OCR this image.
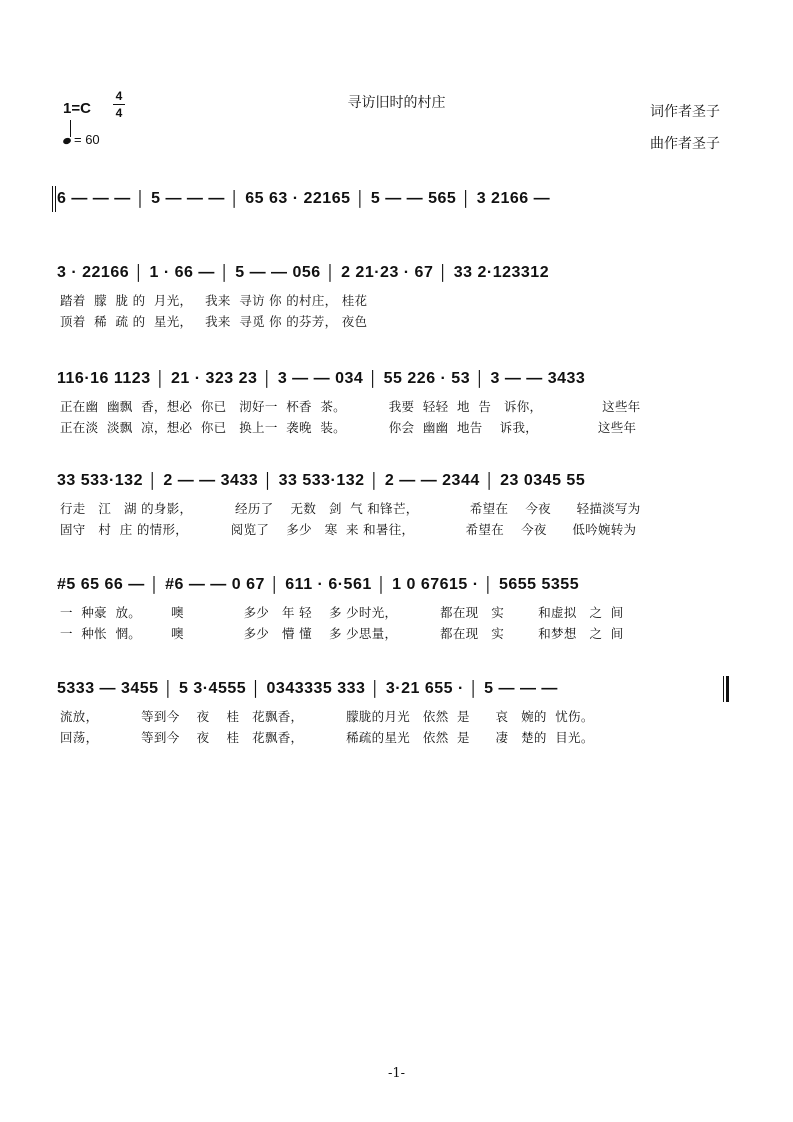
寻访旧时的村庄
1=C
4
4
= 60
词作者圣子
曲作者圣子
6 — — — │ 5 — — — │ 65 63 · 22165 │ 5 — — 565 │ 3 2166 —
3 · 22166 │ 1 · 66 — │ 5 — — 056 │ 2 21·23 · 67 │ 33 2·123312
踏着  朦  胧 的  月光，   我来  寻访 你 的村庄， 桂花
顶着  稀  疏 的  星光，   我来  寻觅 你 的芬芳， 夜色
116·16 1123 │ 21 · 323 23 │ 3 — — 034 │ 55 226 · 53 │ 3 — — 3433
正在幽  幽飘  香，想必  你已   沏好一  杯香  茶。          我要  轻轻  地  告   诉你，              这些年
正在淡  淡飘  凉，想必  你已   换上一  袭晚  装。          你会  幽幽  地告    诉我，              这些年
33 533·132 │ 2 — — 3433 │ 33 533·132 │ 2 — — 2344 │ 23 0345 55
行走   江   湖 的身影，          经历了    无数   剑  气 和锋芒，            希望在    今夜      轻描淡写为
固守   村  庄 的情形，          阅览了    多少   寒  来 和暑往，            希望在    今夜      低吟婉转为
#5 65 66 — │ #6 — — 0 67 │ 611 · 6·561 │ 1 0 67615 · │ 5655 5355
一  种豪  放。       噢              多少   年 轻    多 少时光，          都在现   实        和虚拟   之  间
一  种怅  惘。       噢              多少   懵 懂    多 少思量，          都在现   实        和梦想   之  间
5333 — 3455 │ 5 3·4555 │ 0343335 333 │ 3·21 655 · │ 5 — — —
流放，          等到今    夜    桂   花飘香，          朦胧的月光   依然  是      哀   婉的  忧伤。
回荡，          等到今    夜    桂   花飘香，          稀疏的星光   依然  是      凄   楚的  目光。
-1-
